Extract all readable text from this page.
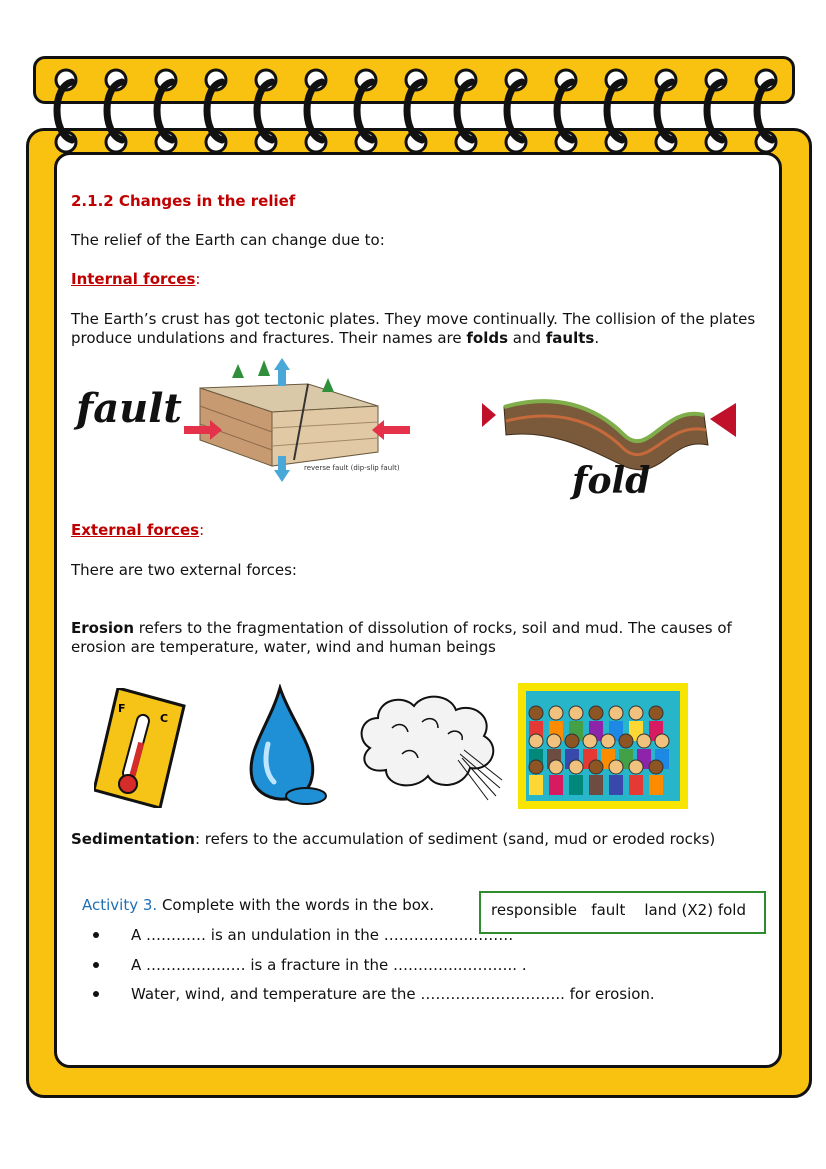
2.1.2 Changes in the relief
The relief of the Earth can change due to:
Internal forces:
The Earth’s crust has got tectonic plates. They move continually. The collision of the plates
produce undulations and fractures. Their names are folds and faults.
fault
reverse fault (dip-slip fault)	fold
External forces:
There are two external forces:
Erosion refers to the fragmentation of dissolution of rocks, soil and mud. The causes of
erosion are temperature, water, wind and human beings
F
C
Sedimentation: refers to the accumulation of sediment (sand, mud or eroded rocks)
Activity 3. Complete with the words in the box.	responsible   fault    land (X2) fold
A ………… is an undulation in the ……………..………
A ……………..… is a fracture in the …………..……….. .
Water, wind, and temperature are the ……………………….. for erosion.
